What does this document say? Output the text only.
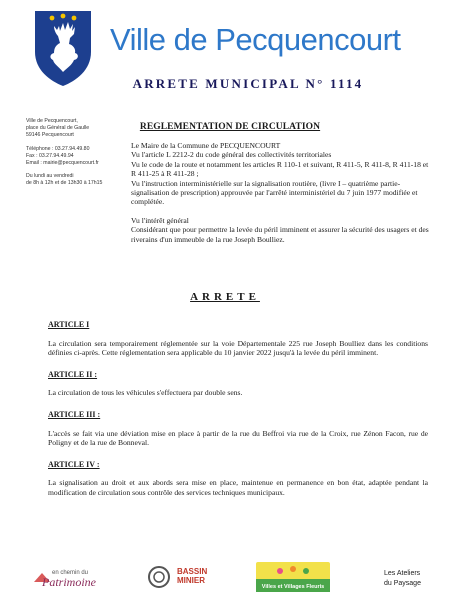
Ville de Pecquencourt
ARRETE MUNICIPAL N° 1114
Ville de Pecquencourt,
place du Général de Gaulle
59146 Pecquencourt
Téléphone : 03.27.94.49.80
Fax : 03.27.94.49.94
Email : mairie@pecquencourt.fr
Du lundi au vendredi
de 8h à 12h et de 13h30 à 17h15
REGLEMENTATION DE CIRCULATION

Le Maire de la Commune de PECQUENCOURT

Vu l'article L 2212-2 du code général des collectivités territoriales

Vu le code de la route et notamment les articles R 110-1 et suivant, R 411-5, R 411-8, R 411-18 et R 411-25 à R 411-28 ;

Vu l'instruction interministérielle sur la signalisation routière, (livre I – quatrième partie-signalisation de prescription) approuvée par l'arrêté interministériel du 7 juin 1977 modifiée et complétée.

Vu l'intérêt général

Considérant que pour permettre la levée du péril imminent et assurer la sécurité des usagers et des riverains d'un immeuble de la rue Joseph Boulliez.

ARRETE
ARTICLE I
La circulation sera temporairement réglementée sur la voie Départementale 225 rue Joseph Boulliez dans les conditions définies ci-après. Cette réglementation sera applicable du 10 janvier 2022 jusqu'à la levée du péril imminent.
ARTICLE II :
La circulation de tous les véhicules s'effectuera par double sens.
ARTICLE III :
L'accès se fait via une déviation mise en place à partir de la rue du Beffroi via rue de la Croix, rue Zénon Facon, rue de Poligny et de la rue de Bonneval.
ARTICLE IV :
La signalisation au droit et aux abords sera mise en place, maintenue en permanence en bon état, adaptée pendant la modification de circulation sous contrôle des services techniques municipaux.
en chemin du
Patrimoine
BASSIN
MINIER
Villes et Villages Fleuris
Les Ateliers
du Paysage
